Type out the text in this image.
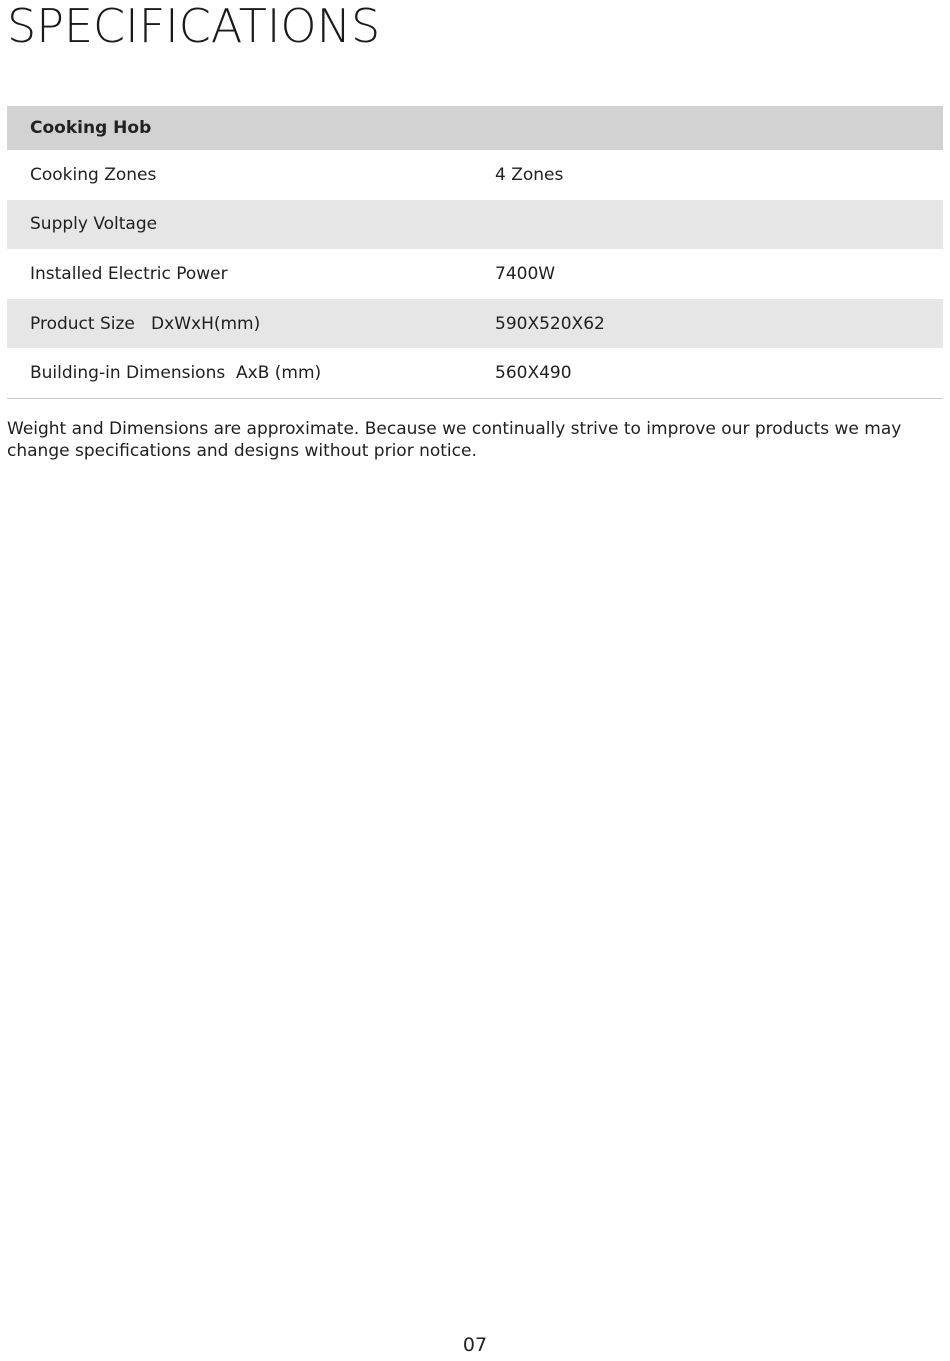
SPECIFICATIONS
Cooking Hob
Cooking Zones	4 Zones
Supply Voltage
Installed Electric Power	7400W
Product Size   DxWxH(mm)	590X520X62
Building-in Dimensions  AxB (mm)	560X490

Weight and Dimensions are approximate. Because we continually strive to improve our products we may change specifications and designs without prior notice.

07
